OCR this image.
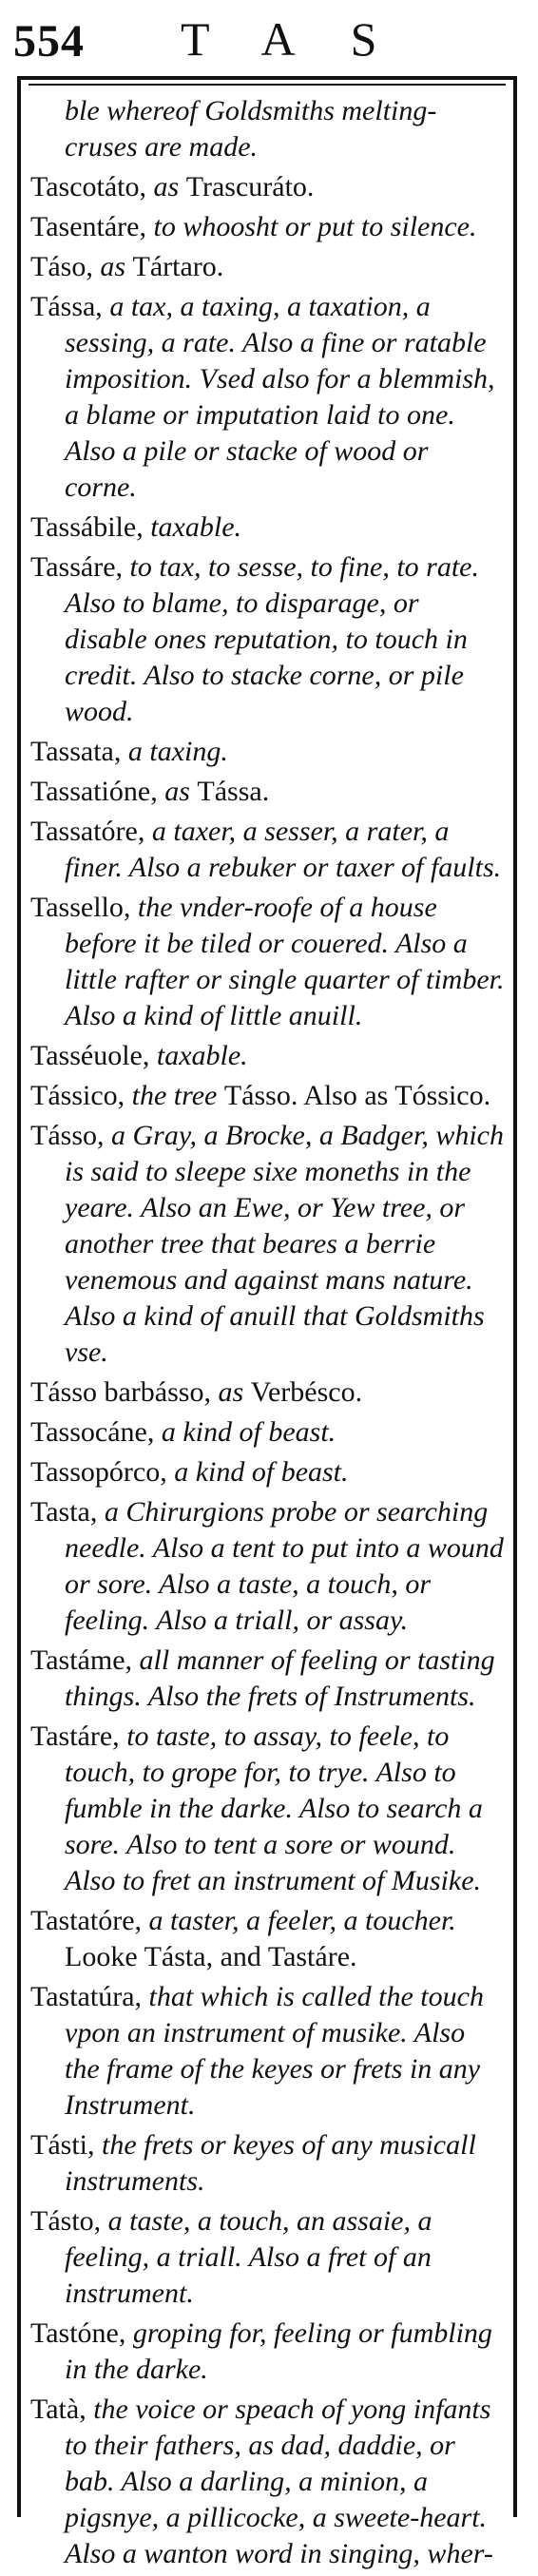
554 TAS

ble whereof Goldsmiths melting-cruses are made.

Tascotáto, as Trascuráto.

Tasentáre, to whoosht or put to silence.

Táso, as Tártaro.

Tássa, a tax, a taxing, a taxation, a sessing, a rate. Also a fine or ratable imposition. Vsed also for a blemmish, a blame or imputation laid to one. Also a pile or stacke of wood or corne.

Tassábile, taxable.

Tassáre, to tax, to sesse, to fine, to rate. Also to blame, to disparage, or disable ones reputation, to touch in credit. Also to stacke corne, or pile wood.

Tassata, a taxing.

Tassatióne, as Tássa.

Tassatóre, a taxer, a sesser, a rater, a finer. Also a rebuker or taxer of faults.

Tassello, the vnder-roofe of a house before it be tiled or couered. Also a little rafter or single quarter of timber. Also a kind of little anuill.

Tasséuole, taxable.

Tássico, the tree Tásso. Also as Tóssico.

Tásso, a Gray, a Brocke, a Badger, which is said to sleepe sixe moneths in the yeare. Also an Ewe, or Yew tree, or another tree that beares a berrie venemous and against mans nature. Also a kind of anuill that Goldsmiths vse.

Tásso barbásso, as Verbésco.

Tassocáne, a kind of beast.

Tassopórco, a kind of beast.

Tasta, a Chirurgions probe or searching needle. Also a tent to put into a wound or sore. Also a taste, a touch, or feeling. Also a triall, or assay.

Tastáme, all manner of feeling or tasting things. Also the frets of Instruments.

Tastáre, to taste, to assay, to feele, to touch, to grope for, to trye. Also to fumble in the darke. Also to search a sore. Also to tent a sore or wound. Also to fret an instrument of Musike.

Tastatóre, a taster, a feeler, a toucher. Looke Tásta, and Tastáre.

Tastatúra, that which is called the touch vpon an instrument of musike. Also the frame of the keyes or frets in any Instrument.

Tásti, the frets or keyes of any musicall instruments.

Tásto, a taste, a touch, an assaie, a feeling, a triall. Also a fret of an instrument.

Tastóne, groping for, feeling or fumbling in the darke.

Tatà, the voice or speach of yong infants to their fathers, as dad, daddie, or bab. Also a darling, a minion, a pigsnye, a pillicocke, a sweete-heart. Also a wanton word in singing, wher-
